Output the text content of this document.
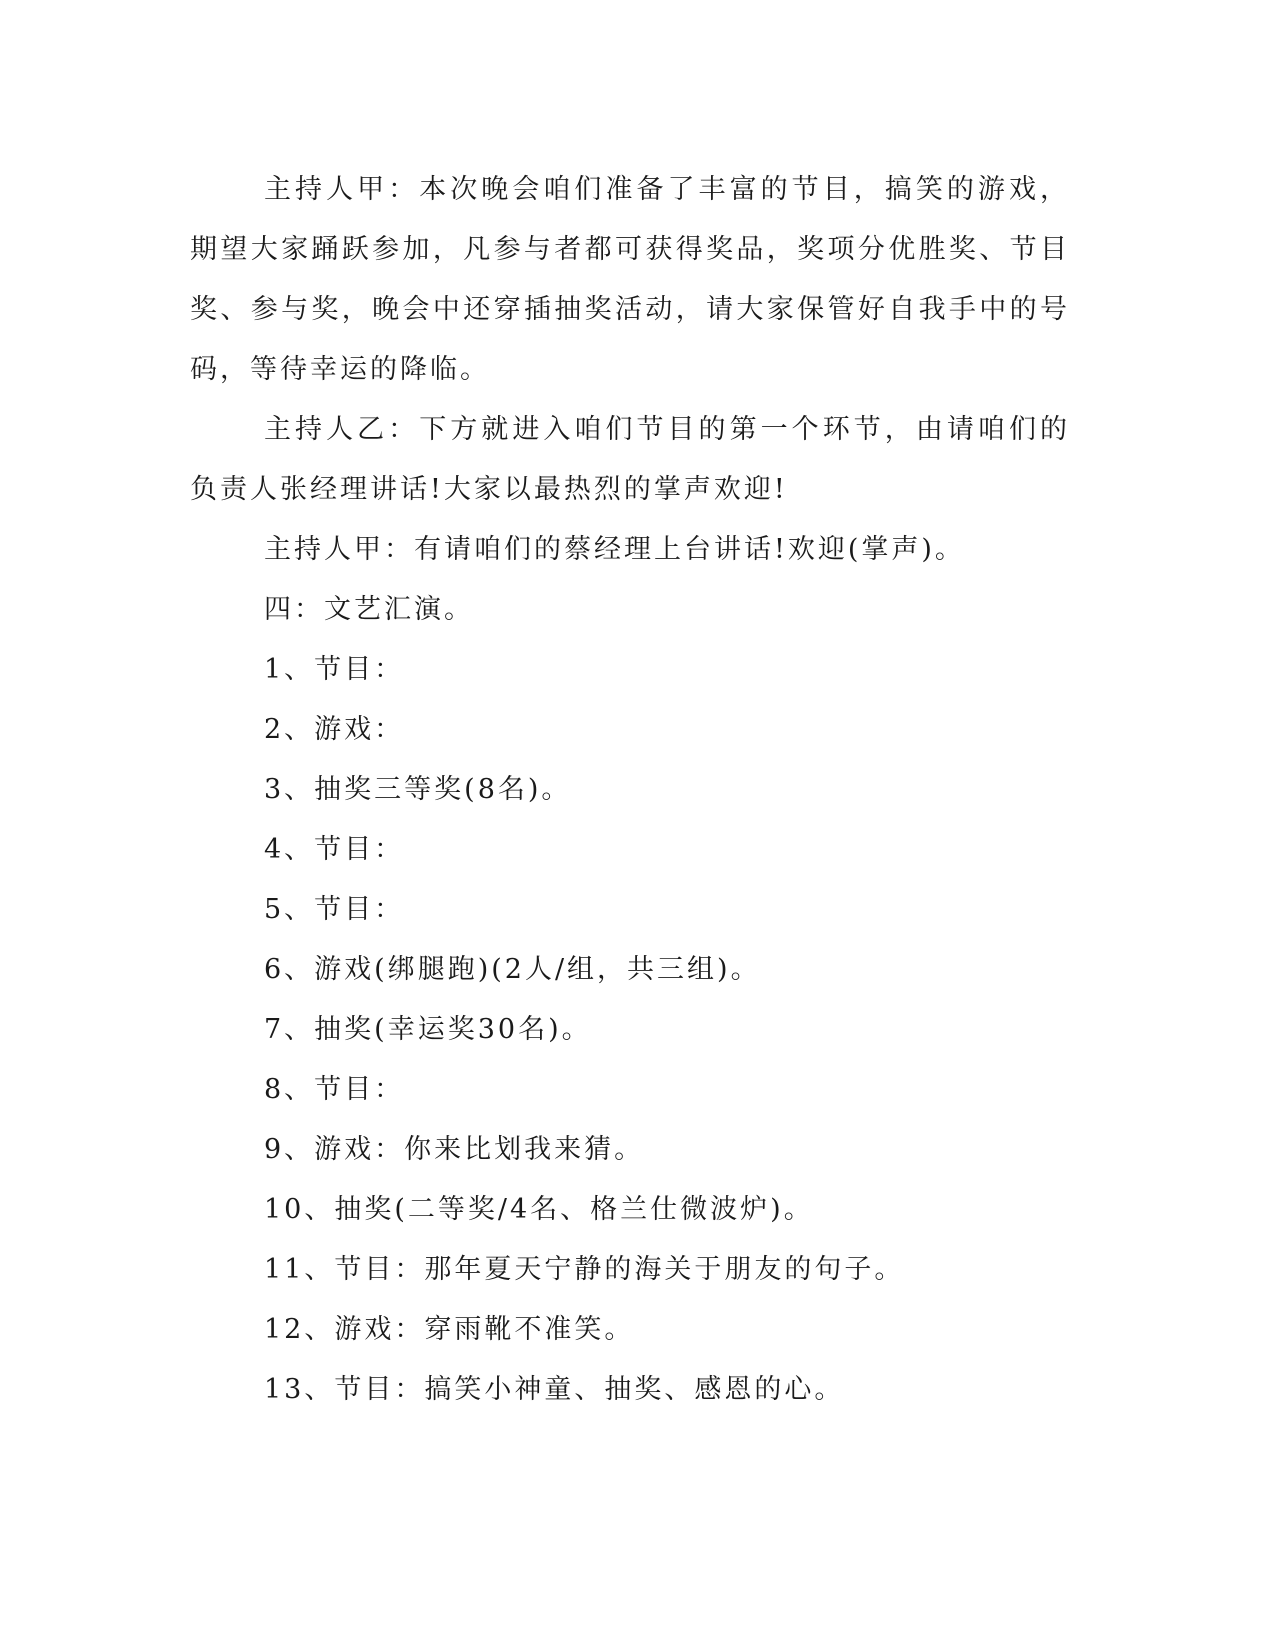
主持人甲：本次晚会咱们准备了丰富的节目，搞笑的游戏，期望大家踊跃参加，凡参与者都可获得奖品，奖项分优胜奖、节目奖、参与奖，晚会中还穿插抽奖活动，请大家保管好自我手中的号码，等待幸运的降临。

主持人乙：下方就进入咱们节目的第一个环节，由请咱们的负责人张经理讲话!大家以最热烈的掌声欢迎!

主持人甲：有请咱们的蔡经理上台讲话!欢迎(掌声)。

四：文艺汇演。

1、节目：
2、游戏：
3、抽奖三等奖(8名)。
4、节目：
5、节目：
6、游戏(绑腿跑)(2人/组，共三组)。
7、抽奖(幸运奖30名)。
8、节目：
9、游戏：你来比划我来猜。
10、抽奖(二等奖/4名、格兰仕微波炉)。
11、节目：那年夏天宁静的海关于朋友的句子。
12、游戏：穿雨靴不准笑。
13、节目：搞笑小神童、抽奖、感恩的心。
